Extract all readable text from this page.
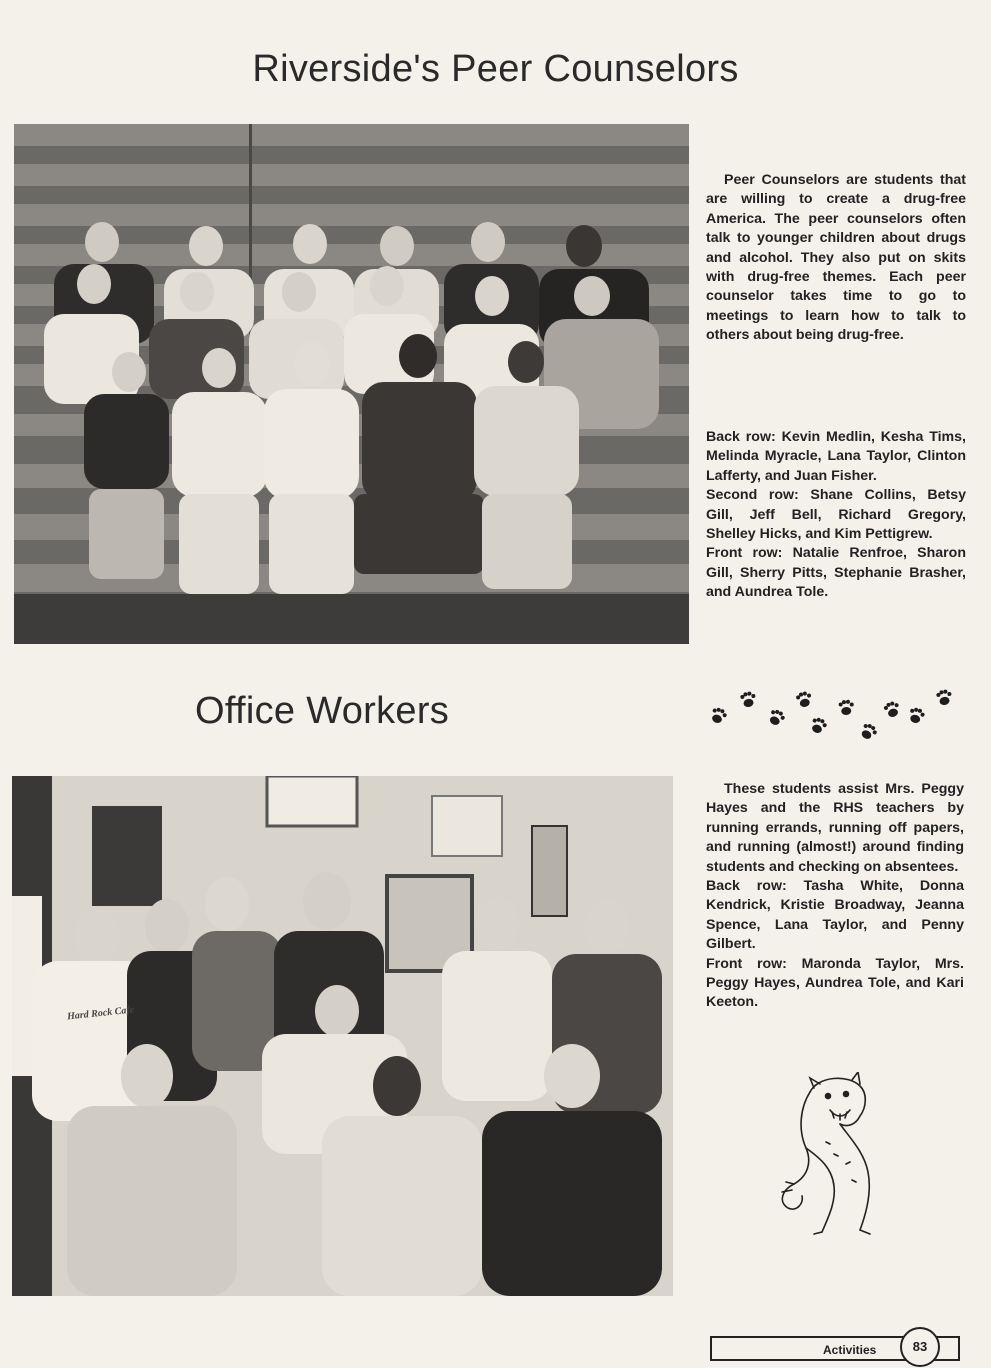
Riverside's Peer Counselors

Peer Counselors are students that are willing to create a drug-free America. The peer counselors often talk to younger children about drugs and alcohol. They also put on skits with drug-free themes. Each peer counselor takes time to go to meetings to learn how to talk to others about being drug-free.

Back row: Kevin Medlin, Kesha Tims, Melinda Myracle, Lana Taylor, Clinton Lafferty, and Juan Fisher.

Second row: Shane Collins, Betsy Gill, Jeff Bell, Richard Gregory, Shelley Hicks, and Kim Pettigrew.

Front row: Natalie Renfroe, Sharon Gill, Sherry Pitts, Stephanie Brasher, and Aundrea Tole.

Office Workers
Hard Rock Cafe

These students assist Mrs. Peggy Hayes and the RHS teachers by running errands, running off papers, and running (almost!) around finding students and checking on absentees.

Back row: Tasha White, Donna Kendrick, Kristie Broadway, Jeanna Spence, Lana Taylor, and Penny Gilbert.

Front row: Maronda Taylor, Mrs. Peggy Hayes, Aundrea Tole, and Kari Keeton.

Activities	83
